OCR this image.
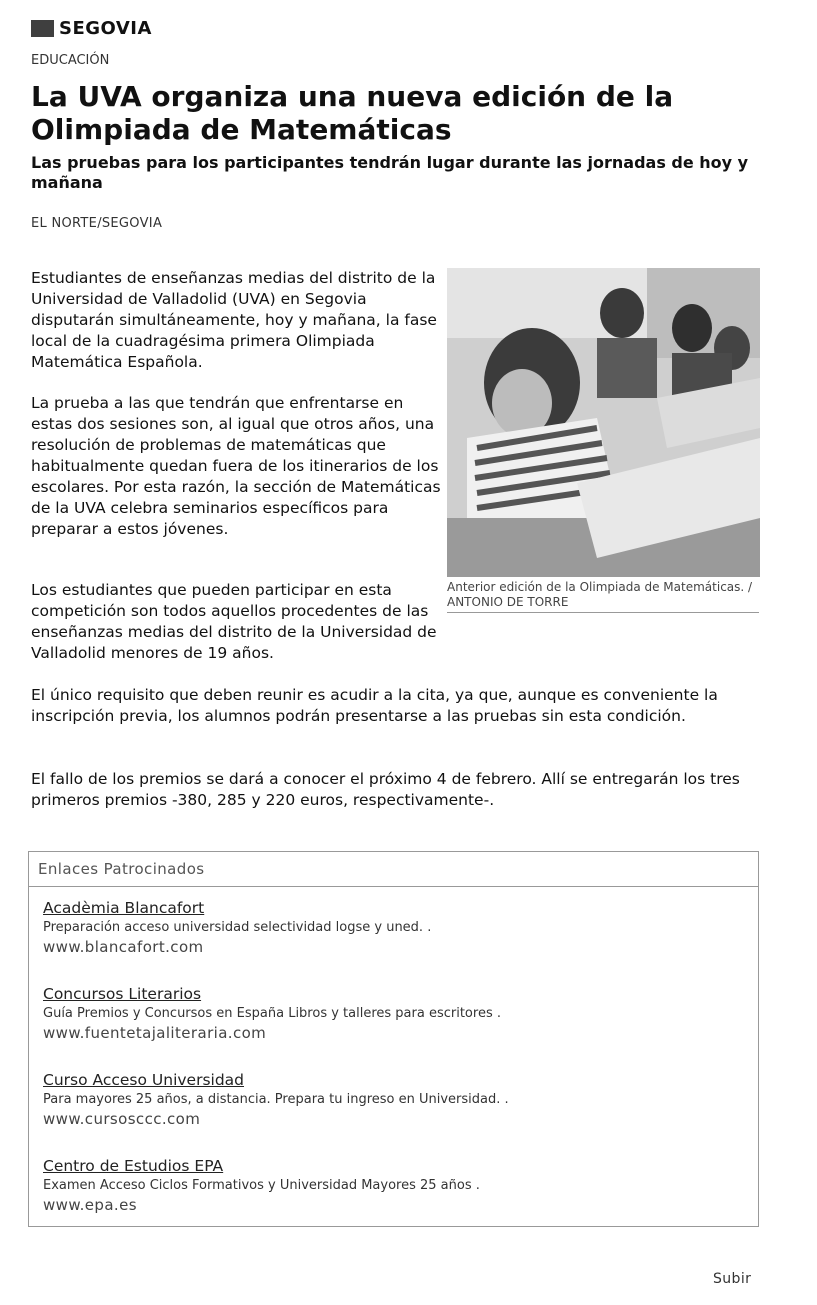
SEGOVIA
EDUCACIÓN
La UVA organiza una nueva edición de la Olimpiada de Matemáticas
Las pruebas para los participantes tendrán lugar durante las jornadas de hoy y mañana
EL NORTE/SEGOVIA

Estudiantes de enseñanzas medias del distrito de la Universidad de Valladolid (UVA) en Segovia disputarán simultáneamente, hoy y mañana, la fase local de la cuadragésima primera Olimpiada Matemática Española.

La prueba a las que tendrán que enfrentarse en estas dos sesiones son, al igual que otros años, una resolución de problemas de matemáticas que habitualmente quedan fuera de los itinerarios de los escolares. Por esta razón, la sección de Matemáticas de la UVA celebra seminarios específicos para preparar a estos jóvenes.

Anterior edición de la Olimpiada de Matemáticas. / ANTONIO DE TORRE

Los estudiantes que pueden participar en esta competición son todos aquellos procedentes de las enseñanzas medias del distrito de la Universidad de Valladolid menores de 19 años.

El único requisito que deben reunir es acudir a la cita, ya que, aunque es conveniente la inscripción previa, los alumnos podrán presentarse a las pruebas sin esta condición.

El fallo de los premios se dará a conocer el próximo 4 de febrero. Allí se entregarán los tres primeros premios -380, 285 y 220 euros, respectivamente-.

Enlaces Patrocinados
Acadèmia Blancafort
Preparación acceso universidad selectividad logse y uned. .
www.blancafort.com
Concursos Literarios
Guía Premios y Concursos en España Libros y talleres para escritores .
www.fuentetajaliteraria.com
Curso Acceso Universidad
Para mayores 25 años, a distancia. Prepara tu ingreso en Universidad. .
www.cursosccc.com
Centro de Estudios EPA
Examen Acceso Ciclos Formativos y Universidad Mayores 25 años .
www.epa.es
Subir
